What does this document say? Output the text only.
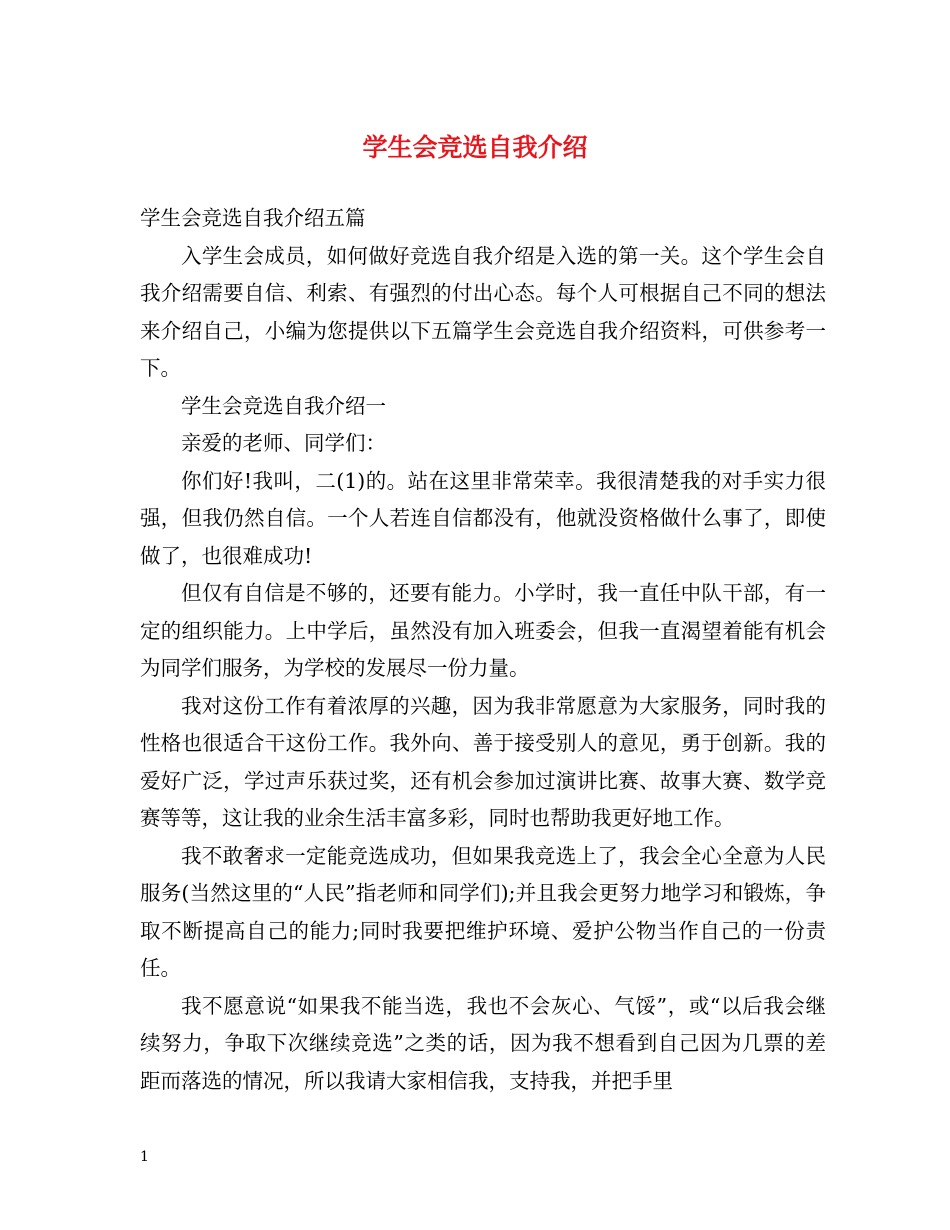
学生会竞选自我介绍

学生会竞选自我介绍五篇

入学生会成员，如何做好竞选自我介绍是入选的第一关。这个学生会自我介绍需要自信、利索、有强烈的付出心态。每个人可根据自己不同的想法来介绍自己，小编为您提供以下五篇学生会竞选自我介绍资料，可供参考一下。

学生会竞选自我介绍一

亲爱的老师、同学们：

你们好!我叫，二(1)的。站在这里非常荣幸。我很清楚我的对手实力很强，但我仍然自信。一个人若连自信都没有，他就没资格做什么事了，即使做了，也很难成功!

但仅有自信是不够的，还要有能力。小学时，我一直任中队干部，有一定的组织能力。上中学后，虽然没有加入班委会，但我一直渴望着能有机会为同学们服务，为学校的发展尽一份力量。

我对这份工作有着浓厚的兴趣，因为我非常愿意为大家服务，同时我的性格也很适合干这份工作。我外向、善于接受别人的意见，勇于创新。我的爱好广泛，学过声乐获过奖，还有机会参加过演讲比赛、故事大赛、数学竞赛等等，这让我的业余生活丰富多彩，同时也帮助我更好地工作。

我不敢奢求一定能竞选成功，但如果我竞选上了，我会全心全意为人民服务(当然这里的“人民”指老师和同学们);并且我会更努力地学习和锻炼，争取不断提高自己的能力;同时我要把维护环境、爱护公物当作自己的一份责任。

我不愿意说“如果我不能当选，我也不会灰心、气馁”，或“以后我会继续努力，争取下次继续竞选”之类的话，因为我不想看到自己因为几票的差距而落选的情况，所以我请大家相信我，支持我，并把手里

1
